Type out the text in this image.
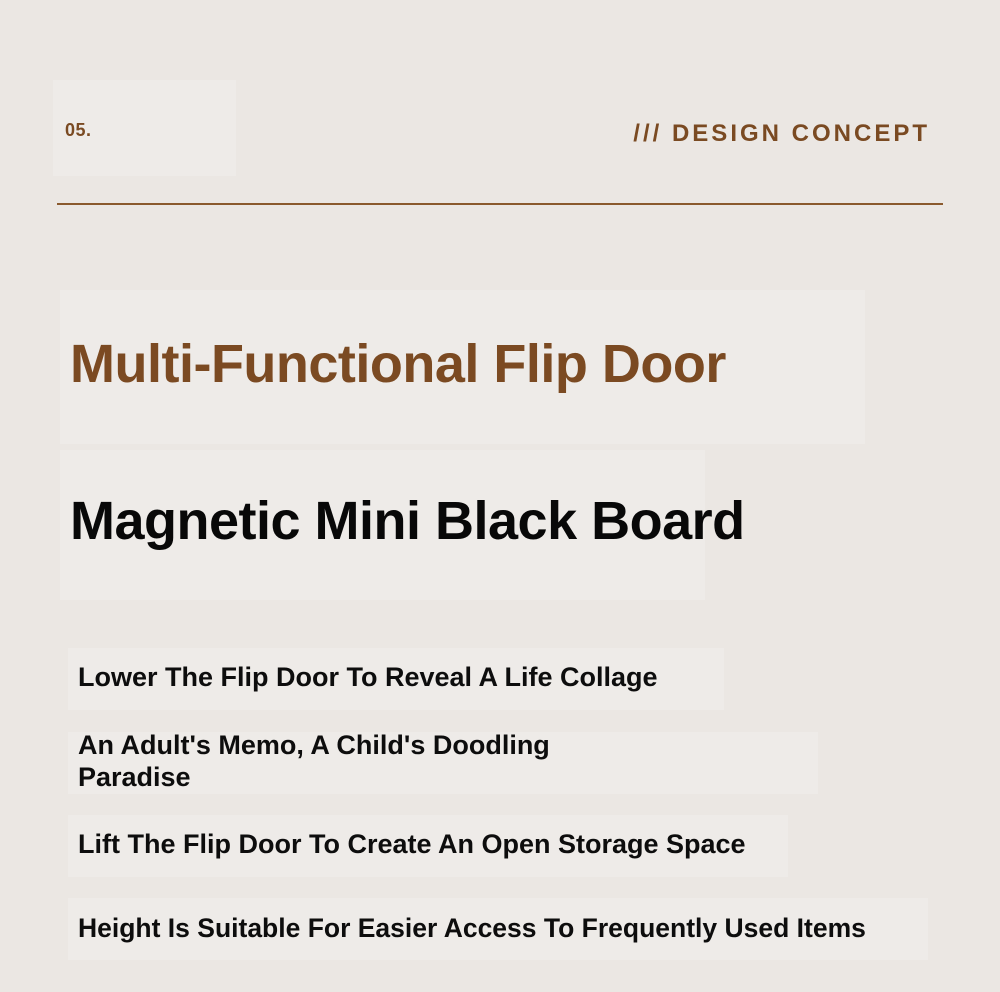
05.	/// DESIGN CONCEPT
Multi-Functional Flip Door
Magnetic Mini Black Board

Lower The Flip Door To Reveal A Life Collage

An Adult's Memo, A Child's Doodling Paradise

Lift The Flip Door To Create An Open Storage Space

Height Is Suitable For Easier Access To Frequently Used Items
